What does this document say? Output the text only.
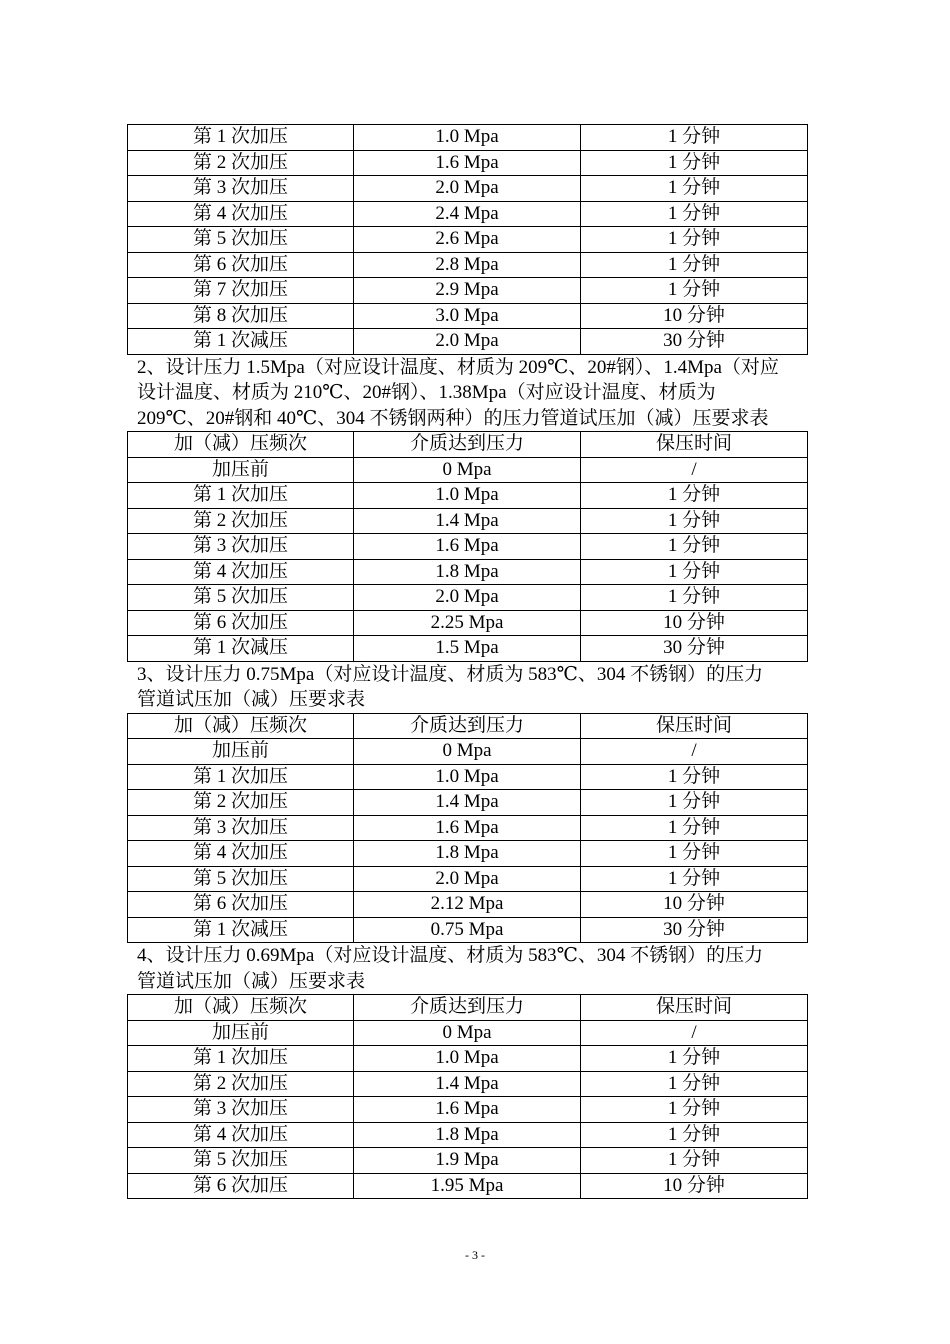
第 1 次加压	1.0 Mpa	1 分钟
第 2 次加压	1.6 Mpa	1 分钟
第 3 次加压	2.0 Mpa	1 分钟
第 4 次加压	2.4 Mpa	1 分钟
第 5 次加压	2.6 Mpa	1 分钟
第 6 次加压	2.8 Mpa	1 分钟
第 7 次加压	2.9 Mpa	1 分钟
第 8 次加压	3.0 Mpa	10 分钟
第 1 次减压	2.0 Mpa	30 分钟

2、设计压力 1.5Mpa（对应设计温度、材质为 209℃、20#钢）、1.4Mpa（对应

设计温度、材质为 210℃、20#钢）、1.38Mpa（对应设计温度、材质为

209℃、20#钢和 40℃、304 不锈钢两种）的压力管道试压加（减）压要求表

加（减）压频次	介质达到压力	保压时间
加压前	0 Mpa	/
第 1 次加压	1.0 Mpa	1 分钟
第 2 次加压	1.4 Mpa	1 分钟
第 3 次加压	1.6 Mpa	1 分钟
第 4 次加压	1.8 Mpa	1 分钟
第 5 次加压	2.0 Mpa	1 分钟
第 6 次加压	2.25 Mpa	10 分钟
第 1 次减压	1.5 Mpa	30 分钟

3、设计压力 0.75Mpa（对应设计温度、材质为 583℃、304 不锈钢）的压力

管道试压加（减）压要求表

加（减）压频次	介质达到压力	保压时间
加压前	0 Mpa	/
第 1 次加压	1.0 Mpa	1 分钟
第 2 次加压	1.4 Mpa	1 分钟
第 3 次加压	1.6 Mpa	1 分钟
第 4 次加压	1.8 Mpa	1 分钟
第 5 次加压	2.0 Mpa	1 分钟
第 6 次加压	2.12 Mpa	10 分钟
第 1 次减压	0.75 Mpa	30 分钟

4、设计压力 0.69Mpa（对应设计温度、材质为 583℃、304 不锈钢）的压力

管道试压加（减）压要求表

加（减）压频次	介质达到压力	保压时间
加压前	0 Mpa	/
第 1 次加压	1.0 Mpa	1 分钟
第 2 次加压	1.4 Mpa	1 分钟
第 3 次加压	1.6 Mpa	1 分钟
第 4 次加压	1.8 Mpa	1 分钟
第 5 次加压	1.9 Mpa	1 分钟
第 6 次加压	1.95 Mpa	10 分钟
- 3 -
